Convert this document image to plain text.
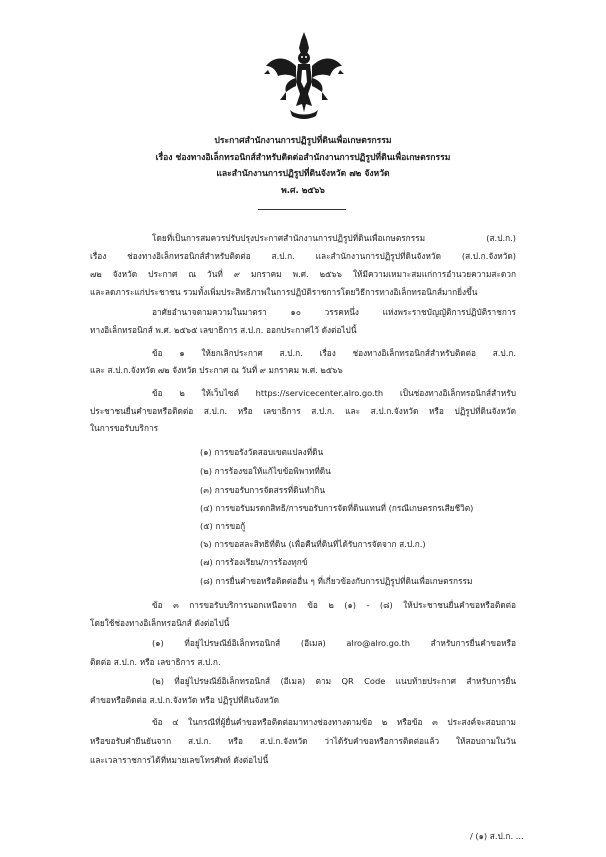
ประกาศสำนักงานการปฏิรูปที่ดินเพื่อเกษตรกรรม
เรื่อง ช่องทางอิเล็กทรอนิกส์สำหรับติดต่อสำนักงานการปฏิรูปที่ดินเพื่อเกษตรกรรม
และสำนักงานการปฏิรูปที่ดินจังหวัด ๗๒ จังหวัด
พ.ศ. ๒๕๖๖
โดยที่เป็นการสมควรปรับปรุงประกาศสำนักงานการปฏิรูปที่ดินเพื่อเกษตรกรรม (ส.ป.ก.)
เรื่อง ช่องทางอิเล็กทรอนิกส์สำหรับติดต่อ ส.ป.ก. และสำนักงานการปฏิรูปที่ดินจังหวัด (ส.ป.ก.จังหวัด)
๗๒ จังหวัด ประกาศ ณ วันที่ ๙ มกราคม พ.ศ. ๒๕๖๖ ให้มีความเหมาะสมแก่การอำนวยความสะดวก
และลดภาระแก่ประชาชน รวมทั้งเพิ่มประสิทธิภาพในการปฏิบัติราชการโดยวิธีการทางอิเล็กทรอนิกส์มากยิ่งขึ้น
อาศัยอำนาจตามความในมาตรา ๑๐ วรรคหนึ่ง แห่งพระราชบัญญัติการปฏิบัติราชการ
ทางอิเล็กทรอนิกส์ พ.ศ. ๒๕๖๕ เลขาธิการ ส.ป.ก. ออกประกาศไว้ ดังต่อไปนี้
ข้อ ๑ ให้ยกเลิกประกาศ ส.ป.ก. เรื่อง ช่องทางอิเล็กทรอนิกส์สำหรับติดต่อ ส.ป.ก.
และ ส.ป.ก.จังหวัด ๗๒ จังหวัด ประกาศ ณ วันที่ ๙ มกราคม พ.ศ. ๒๕๖๖
ข้อ ๒ ให้เว็บไซต์ https://servicecenter.alro.go.th เป็นช่องทางอิเล็กทรอนิกส์สำหรับ
ประชาชนยื่นคำขอหรือติดต่อ ส.ป.ก. หรือ เลขาธิการ ส.ป.ก. และ ส.ป.ก.จังหวัด หรือ ปฏิรูปที่ดินจังหวัด
ในการขอรับบริการ
(๑) การขอรังวัดสอบเขตแปลงที่ดิน
(๒) การร้องขอให้แก้ไขข้อพิพาทที่ดิน
(๓) การขอรับการจัดสรรที่ดินทำกิน
(๔) การขอรับมรดกสิทธิ/การขอรับการจัดที่ดินแทนที่ (กรณีเกษตรกรเสียชีวิต)
(๕) การขอกู้
(๖) การขอสละสิทธิที่ดิน (เพื่อคืนที่ดินที่ได้รับการจัดจาก ส.ป.ก.)
(๗) การร้องเรียน/การร้องทุกข์
(๘) การยื่นคำขอหรือติดต่ออื่น ๆ ที่เกี่ยวข้องกับการปฏิรูปที่ดินเพื่อเกษตรกรรม
ข้อ ๓ การขอรับบริการนอกเหนือจาก ข้อ ๒ (๑) - (๘) ให้ประชาชนยื่นคำขอหรือติดต่อ
โดยใช้ช่องทางอิเล็กทรอนิกส์ ดังต่อไปนี้
(๑) ที่อยู่ไปรษณีย์อิเล็กทรอนิกส์ (อีเมล) alro@alro.go.th สำหรับการยื่นคำขอหรือ
ติดต่อ ส.ป.ก. หรือ เลขาธิการ ส.ป.ก.
(๒) ที่อยู่ไปรษณีย์อิเล็กทรอนิกส์ (อีเมล) ตาม QR Code แนบท้ายประกาศ สำหรับการยื่น
คำขอหรือติดต่อ ส.ป.ก.จังหวัด หรือ ปฏิรูปที่ดินจังหวัด
ข้อ ๔ ในกรณีที่ผู้ยื่นคำขอหรือติดต่อมาทางช่องทางตามข้อ ๒ หรือข้อ ๓ ประสงค์จะสอบถาม
หรือขอรับคำยืนยันจาก ส.ป.ก. หรือ ส.ป.ก.จังหวัด ว่าได้รับคำขอหรือการติดต่อแล้ว ให้สอบถามในวัน
และเวลาราชการได้ที่หมายเลขโทรศัพท์ ดังต่อไปนี้
/ (๑) ส.ป.ก. ...
